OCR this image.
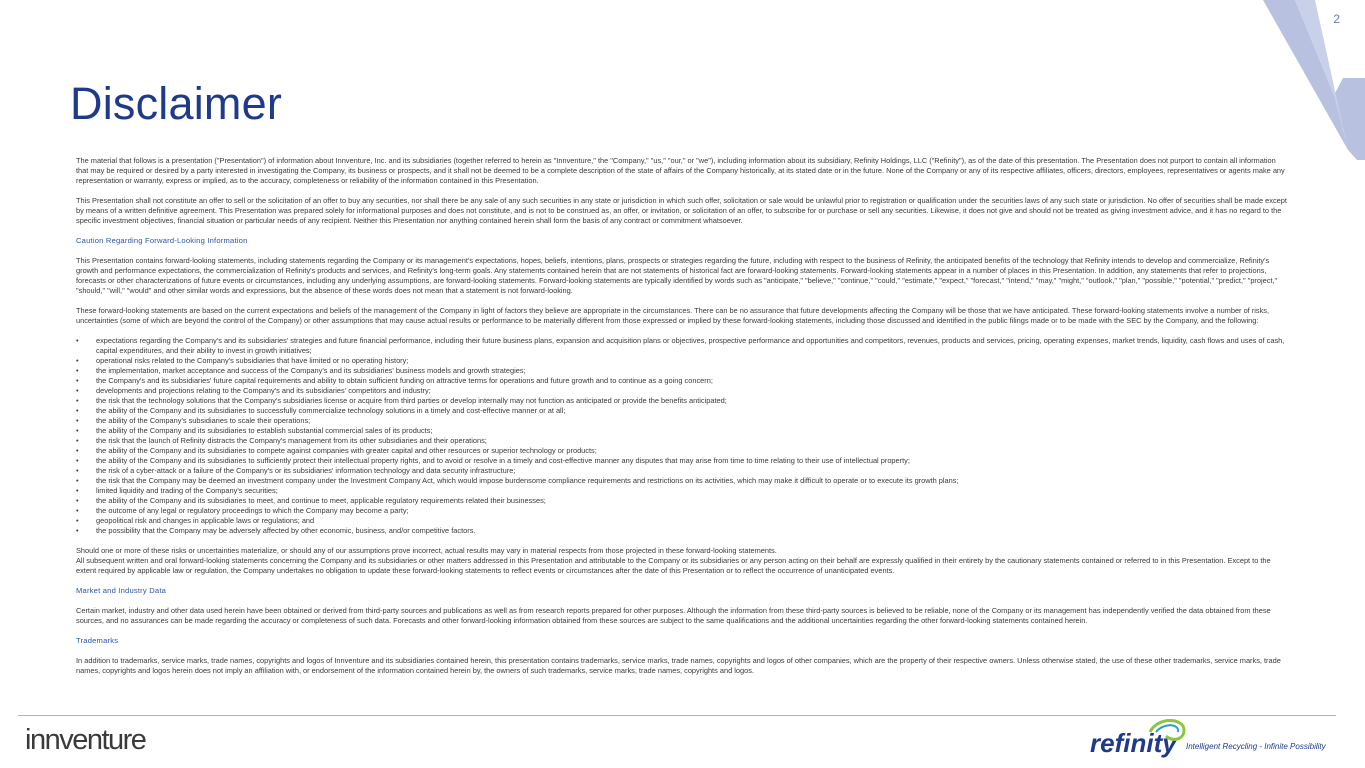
2
Disclaimer

The material that follows is a presentation ("Presentation") of information about Innventure, Inc. and its subsidiaries (together referred to herein as "Innventure," the "Company," "us," "our," or "we"), including information about its subsidiary, Refinity Holdings, LLC ("Refinity"), as of the date of this presentation. The Presentation does not purport to contain all information that may be required or desired by a party interested in investigating the Company, its business or prospects, and it shall not be deemed to be a complete description of the state of affairs of the Company historically, at its stated date or in the future. None of the Company or any of its respective affiliates, officers, directors, employees, representatives or agents make any representation or warranty, express or implied, as to the accuracy, completeness or reliability of the information contained in this Presentation.

This Presentation shall not constitute an offer to sell or the solicitation of an offer to buy any securities, nor shall there be any sale of any such securities in any state or jurisdiction in which such offer, solicitation or sale would be unlawful prior to registration or qualification under the securities laws of any such state or jurisdiction. No offer of securities shall be made except by means of a written definitive agreement. This Presentation was prepared solely for informational purposes and does not constitute, and is not to be construed as, an offer, or invitation, or solicitation of an offer, to subscribe for or purchase or sell any securities. Likewise, it does not give and should not be treated as giving investment advice, and it has no regard to the specific investment objectives, financial situation or particular needs of any recipient. Neither this Presentation nor anything contained herein shall form the basis of any contract or commitment whatsoever.

Caution Regarding Forward-Looking Information

This Presentation contains forward-looking statements, including statements regarding the Company or its management's expectations, hopes, beliefs, intentions, plans, prospects or strategies regarding the future, including with respect to the business of Refinity, the anticipated benefits of the technology that Refinity intends to develop and commercialize, Refinity's growth and performance expectations, the commercialization of Refinity's products and services, and Refinity's long-term goals. Any statements contained herein that are not statements of historical fact are forward-looking statements. Forward-looking statements appear in a number of places in this Presentation. In addition, any statements that refer to projections, forecasts or other characterizations of future events or circumstances, including any underlying assumptions, are forward-looking statements. Forward-looking statements are typically identified by words such as "anticipate," "believe," "continue," "could," "estimate," "expect," "forecast," "intend," "may," "might," "outlook," "plan," "possible," "potential," "predict," "project," "should," "will," "would" and other similar words and expressions, but the absence of these words does not mean that a statement is not forward-looking.

These forward-looking statements are based on the current expectations and beliefs of the management of the Company in light of factors they believe are appropriate in the circumstances. There can be no assurance that future developments affecting the Company will be those that we have anticipated. These forward-looking statements involve a number of risks, uncertainties (some of which are beyond the control of the Company) or other assumptions that may cause actual results or performance to be materially different from those expressed or implied by these forward-looking statements, including those discussed and identified in the public filings made or to be made with the SEC by the Company, and the following:

• expectations regarding the Company's and its subsidiaries' strategies and future financial performance, including their future business plans, expansion and acquisition plans or objectives, prospective performance and opportunities and competitors, revenues, products and services, pricing, operating expenses, market trends, liquidity, cash flows and uses of cash, capital expenditures, and their ability to invest in growth initiatives;
• operational risks related to the Company's subsidiaries that have limited or no operating history;
• the implementation, market acceptance and success of the Company's and its subsidiaries' business models and growth strategies;
• the Company's and its subsidiaries' future capital requirements and ability to obtain sufficient funding on attractive terms for operations and future growth and to continue as a going concern;
• developments and projections relating to the Company's and its subsidiaries' competitors and industry;
• the risk that the technology solutions that the Company's subsidiaries license or acquire from third parties or develop internally may not function as anticipated or provide the benefits anticipated;
• the ability of the Company and its subsidiaries to successfully commercialize technology solutions in a timely and cost-effective manner or at all;
• the ability of the Company's subsidiaries to scale their operations;
• the ability of the Company and its subsidiaries to establish substantial commercial sales of its products;
• the risk that the launch of Refinity distracts the Company's management from its other subsidiaries and their operations;
• the ability of the Company and its subsidiaries to compete against companies with greater capital and other resources or superior technology or products;
• the ability of the Company and its subsidiaries to sufficiently protect their intellectual property rights, and to avoid or resolve in a timely and cost-effective manner any disputes that may arise from time to time relating to their use of intellectual property;
• the risk of a cyber-attack or a failure of the Company's or its subsidiaries' information technology and data security infrastructure;
• the risk that the Company may be deemed an investment company under the Investment Company Act, which would impose burdensome compliance requirements and restrictions on its activities, which may make it difficult to operate or to execute its growth plans;
• limited liquidity and trading of the Company's securities;
• the ability of the Company and its subsidiaries to meet, and continue to meet, applicable regulatory requirements related their businesses;
• the outcome of any legal or regulatory proceedings to which the Company may become a party;
• geopolitical risk and changes in applicable laws or regulations; and
• the possibility that the Company may be adversely affected by other economic, business, and/or competitive factors.

Should one or more of these risks or uncertainties materialize, or should any of our assumptions prove incorrect, actual results may vary in material respects from those projected in these forward-looking statements.

All subsequent written and oral forward-looking statements concerning the Company and its subsidiaries or other matters addressed in this Presentation and attributable to the Company or its subsidiaries or any person acting on their behalf are expressly qualified in their entirety by the cautionary statements contained or referred to in this Presentation. Except to the extent required by applicable law or regulation, the Company undertakes no obligation to update these forward-looking statements to reflect events or circumstances after the date of this Presentation or to reflect the occurrence of unanticipated events.

Market and Industry Data

Certain market, industry and other data used herein have been obtained or derived from third-party sources and publications as well as from research reports prepared for other purposes. Although the information from these third-party sources is believed to be reliable, none of the Company or its management has independently verified the data obtained from these sources, and no assurances can be made regarding the accuracy or completeness of such data. Forecasts and other forward-looking information obtained from these sources are subject to the same qualifications and the additional uncertainties regarding the other forward-looking statements contained herein.

Trademarks

In addition to trademarks, service marks, trade names, copyrights and logos of Innventure and its subsidiaries contained herein, this presentation contains trademarks, service marks, trade names, copyrights and logos of other companies, which are the property of their respective owners. Unless otherwise stated, the use of these other trademarks, service marks, trade names, copyrights and logos herein does not imply an affiliation with, or endorsement of the information contained herein by, the owners of such trademarks, service marks, trade names, copyrights and logos.

innventure	refinity Intelligent Recycling - Infinite Possibility
